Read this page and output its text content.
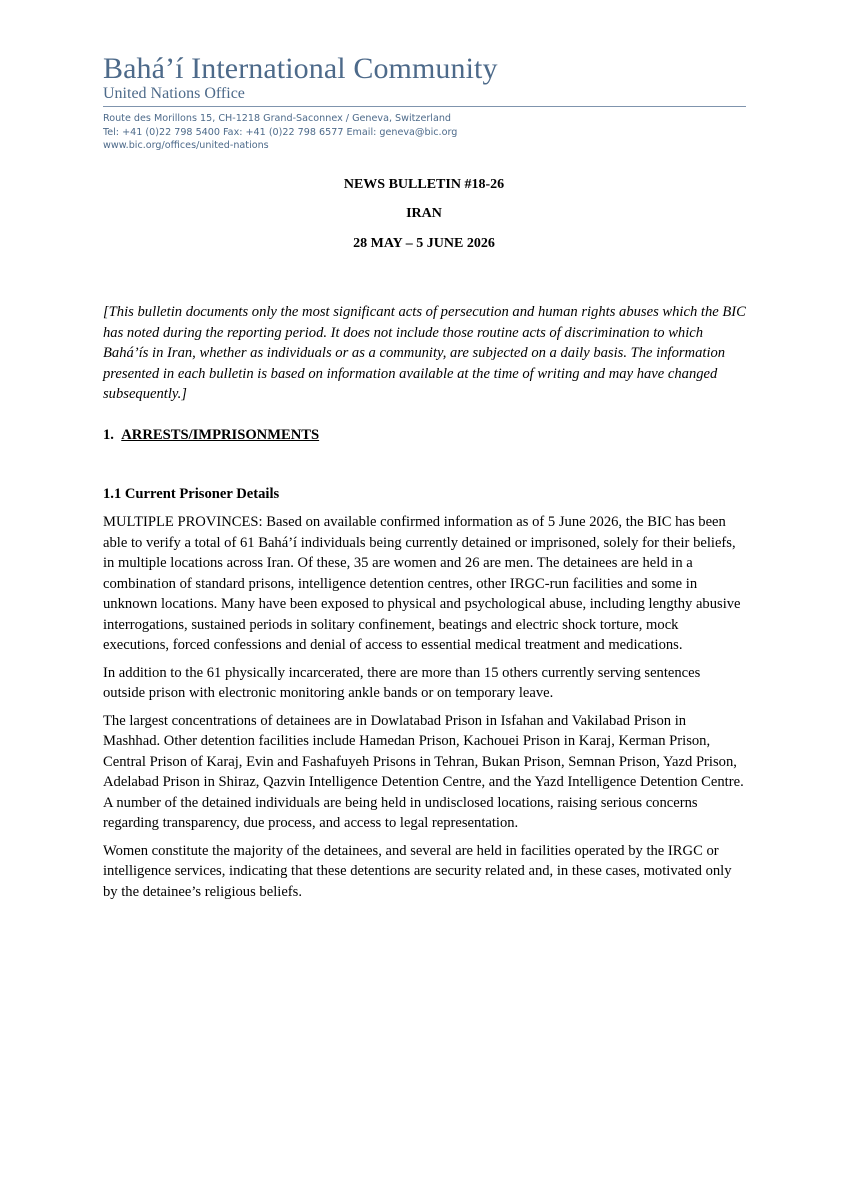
Bahá’í International Community
United Nations Office
Route des Morillons 15, CH-1218 Grand-Saconnex / Geneva, Switzerland
Tel: +41 (0)22 798 5400 Fax: +41 (0)22 798 6577 Email: geneva@bic.org
www.bic.org/offices/united-nations
NEWS BULLETIN #18-26
IRAN
28 MAY – 5 JUNE 2026
[This bulletin documents only the most significant acts of persecution and human rights abuses which the BIC has noted during the reporting period. It does not include those routine acts of discrimination to which Bahá’ís in Iran, whether as individuals or as a community, are subjected on a daily basis. The information presented in each bulletin is based on information available at the time of writing and may have changed subsequently.]
1. ARRESTS/IMPRISONMENTS
1.1 Current Prisoner Details

MULTIPLE PROVINCES: Based on available confirmed information as of 5 June 2026, the BIC has been able to verify a total of 61 Bahá’í individuals being currently detained or imprisoned, solely for their beliefs, in multiple locations across Iran. Of these, 35 are women and 26 are men. The detainees are held in a combination of standard prisons, intelligence detention centres, other IRGC-run facilities and some in unknown locations. Many have been exposed to physical and psychological abuse, including lengthy abusive interrogations, sustained periods in solitary confinement, beatings and electric shock torture, mock executions, forced confessions and denial of access to essential medical treatment and medications.

In addition to the 61 physically incarcerated, there are more than 15 others currently serving sentences outside prison with electronic monitoring ankle bands or on temporary leave.

The largest concentrations of detainees are in Dowlatabad Prison in Isfahan and Vakilabad Prison in Mashhad. Other detention facilities include Hamedan Prison, Kachouei Prison in Karaj, Kerman Prison, Central Prison of Karaj, Evin and Fashafuyeh Prisons in Tehran, Bukan Prison, Semnan Prison, Yazd Prison, Adelabad Prison in Shiraz, Qazvin Intelligence Detention Centre, and the Yazd Intelligence Detention Centre. A number of the detained individuals are being held in undisclosed locations, raising serious concerns regarding transparency, due process, and access to legal representation.

Women constitute the majority of the detainees, and several are held in facilities operated by the IRGC or intelligence services, indicating that these detentions are security related and, in these cases, motivated only by the detainee’s religious beliefs.
